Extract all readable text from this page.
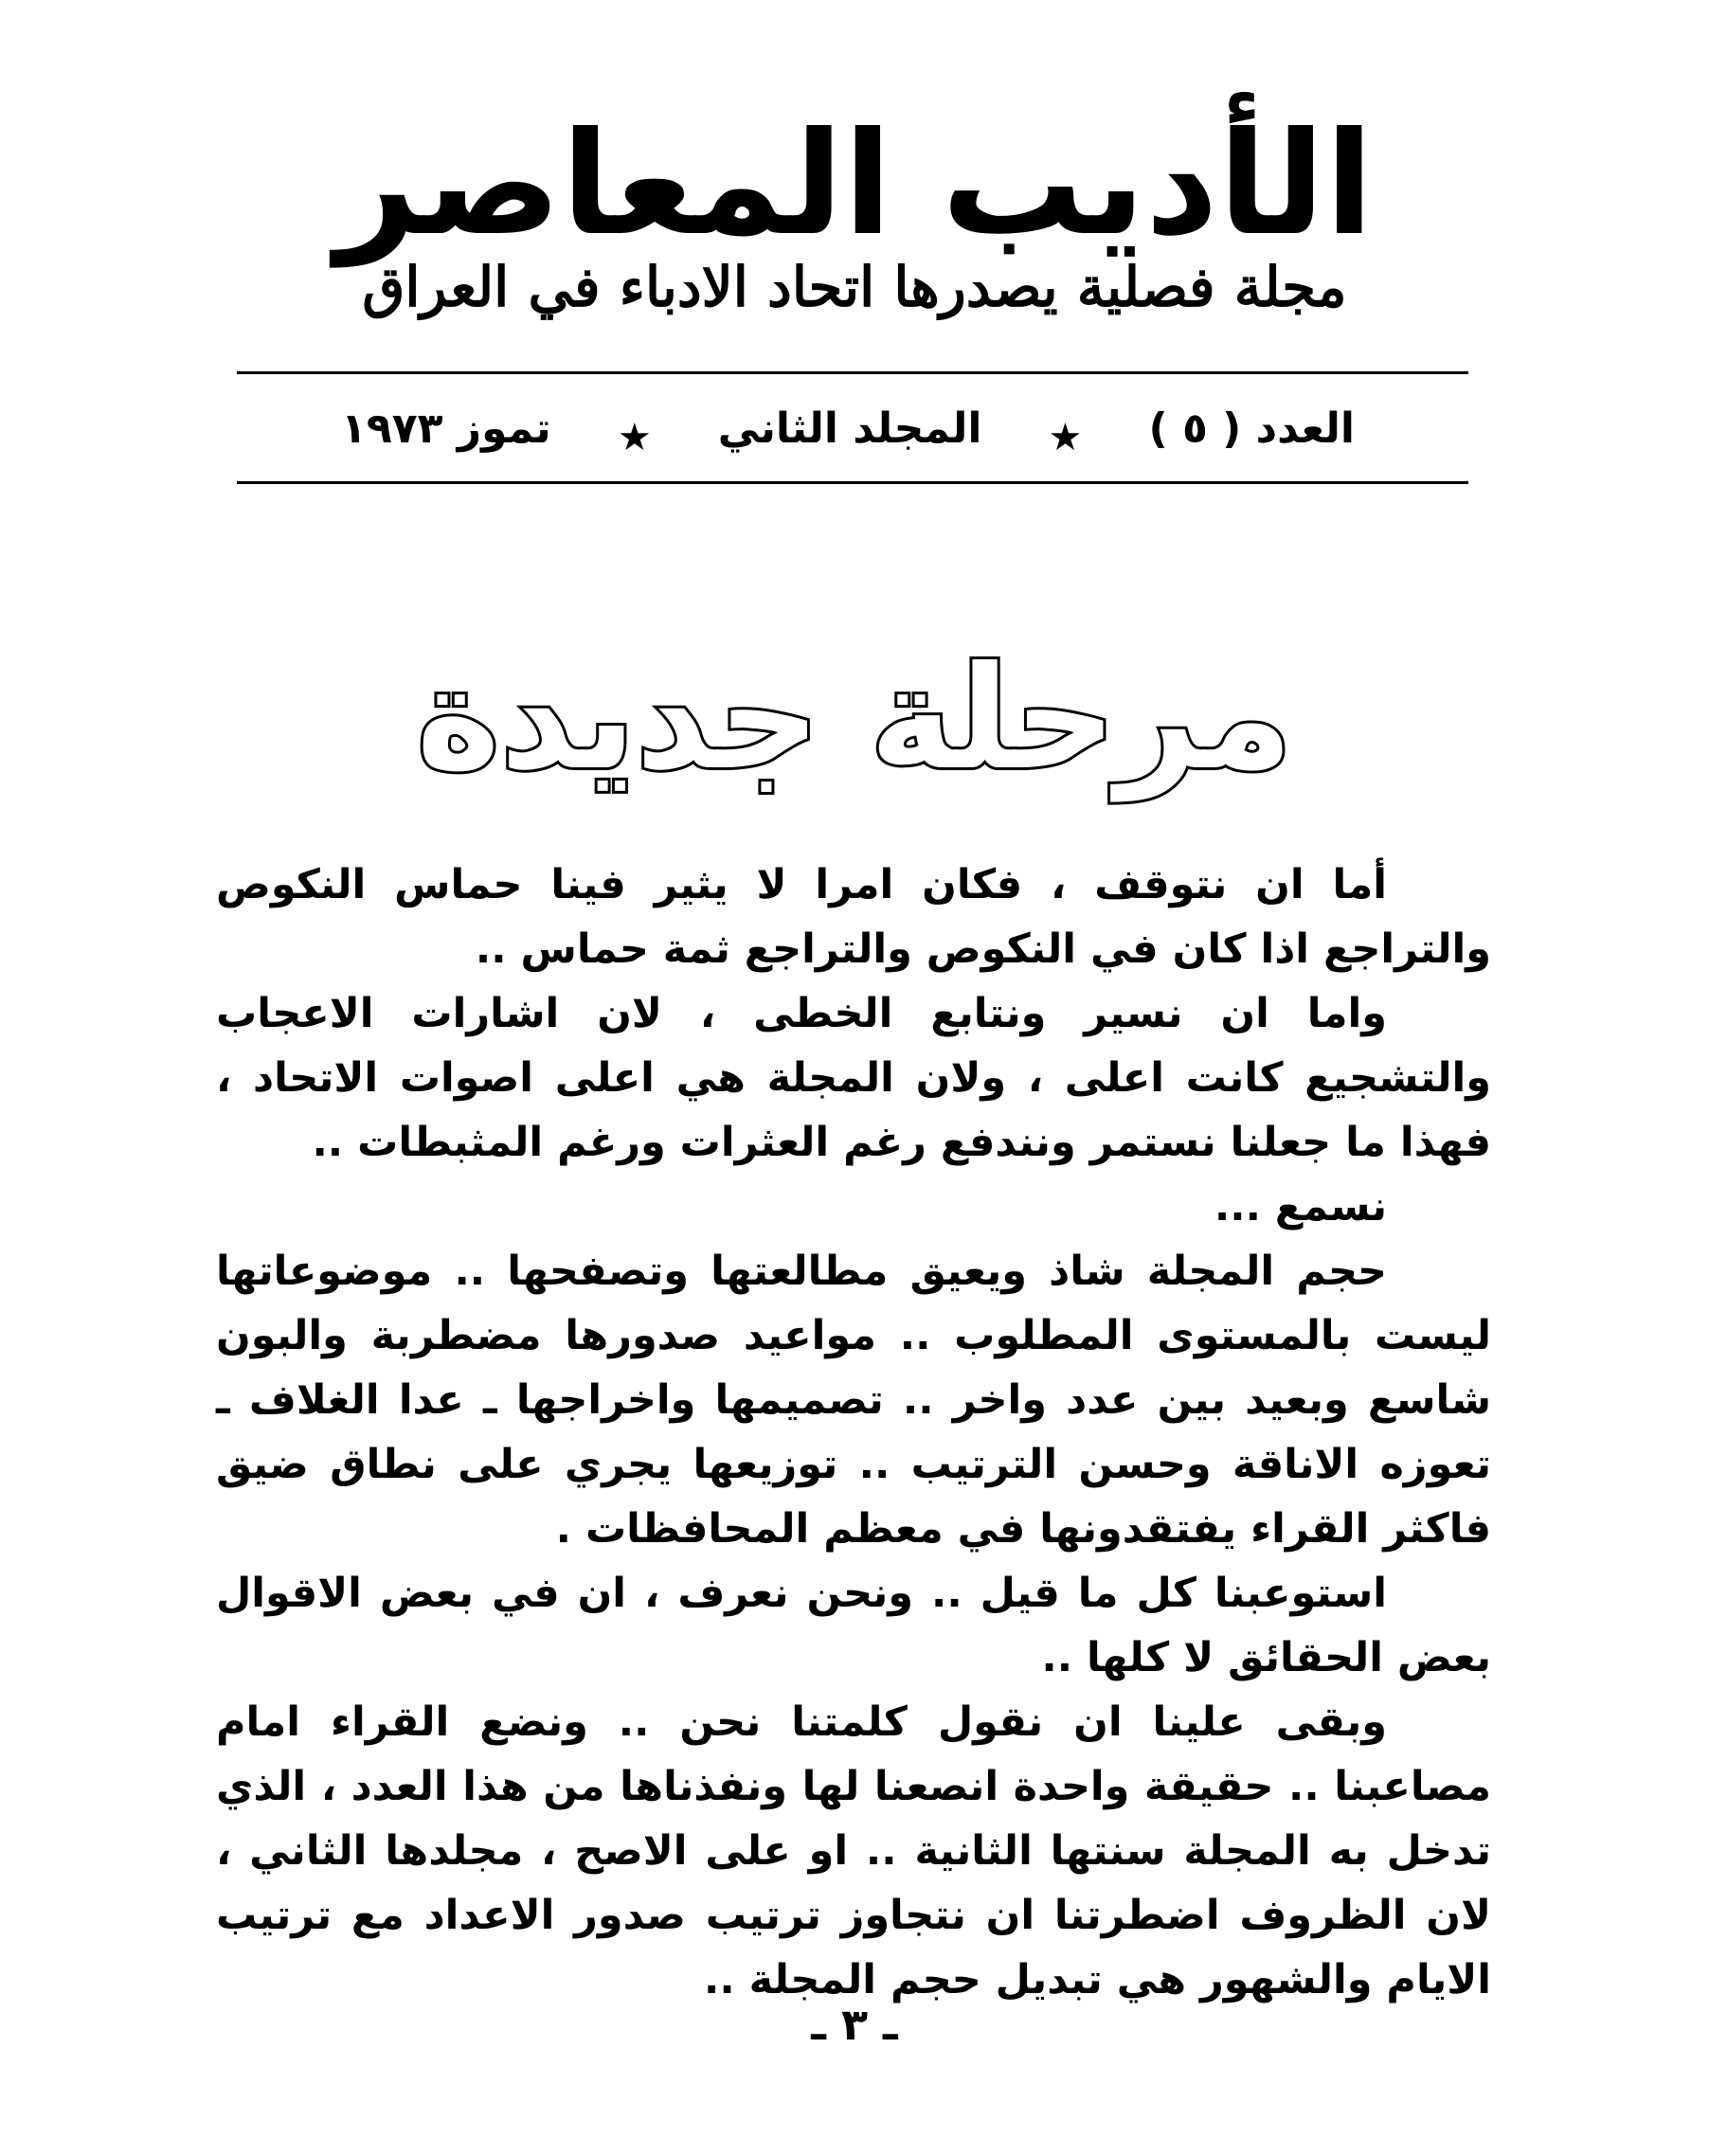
الأديب المعاصر
مجلة فصلية يصدرها اتحاد الادباء في العراق
العدد ( ٥ )
★
المجلد الثاني
★
تموز ١٩٧٣
مرحلة جديدة

أما ان نتوقف ، فكان امرا لا يثير فينا حماس النكوص والتراجع اذا كان في النكوص والتراجع ثمة حماس ..

واما ان نسير ونتابع الخطى ، لان اشارات الاعجاب والتشجيع كانت اعلى ، ولان المجلة هي اعلى اصوات الاتحاد ، فهذا ما جعلنا نستمر ونندفع رغم العثرات ورغم المثبطات ..

نسمع ...

حجم المجلة شاذ ويعيق مطالعتها وتصفحها .. موضوعاتها ليست بالمستوى المطلوب .. مواعيد صدورها مضطربة والبون شاسع وبعيد بين عدد واخر .. تصميمها واخراجها ـ عدا الغلاف ـ تعوزه الاناقة وحسن الترتيب .. توزيعها يجري على نطاق ضيق فاكثر القراء يفتقدونها في معظم المحافظات .

استوعبنا كل ما قيل .. ونحن نعرف ، ان في بعض الاقوال بعض الحقائق لا كلها ..

وبقى علينا ان نقول كلمتنا نحن .. ونضع القراء امام مصاعبنا .. حقيقة واحدة انصعنا لها ونفذناها من هذا العدد ، الذي تدخل به المجلة سنتها الثانية .. او على الاصح ، مجلدها الثاني ، لان الظروف اضطرتنا ان نتجاوز ترتيب صدور الاعداد مع ترتيب الايام والشهور هي تبديل حجم المجلة ..

ـ ٣ ـ
